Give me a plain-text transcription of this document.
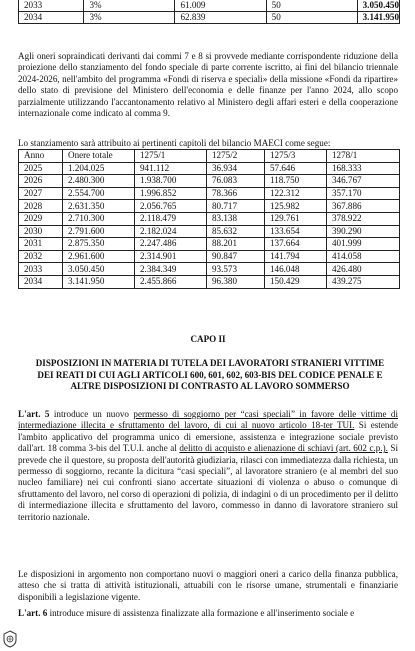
2033	3%	61.009	50	3.050.450
2034	3%	62.839	50	3.141.950
Agli oneri sopraindicati derivanti dai commi 7 e 8 si provvede mediante corrispondente riduzione della proiezione dello stanziamento del fondo speciale di parte corrente iscritto, ai fini del bilancio triennale 2024-2026, nell'ambito del programma «Fondi di riserva e speciali» della missione «Fondi da ripartire» dello stato di previsione del Ministero dell'economia e delle finanze per l'anno 2024, allo scopo parzialmente utilizzando l'accantonamento relativo al Ministero degli affari esteri e della cooperazione internazionale come indicato al comma 9.
Lo stanziamento sarà attribuito ai pertinenti capitoli del bilancio MAECI come segue:
Anno	Onere totale	1275/1	1275/2	1275/3	1278/1
2025	1.204.025	941.112	36.934	57.646	168.333
2026	2.480.300	1.938.700	76.083	118.750	346.767
2027	2.554.700	1.996.852	78.366	122.312	357.170
2028	2.631.350	2.056.765	80.717	125.982	367.886
2029	2.710.300	2.118.479	83.138	129.761	378.922
2030	2.791.600	2.182.024	85.632	133.654	390.290
2031	2.875.350	2.247.486	88.201	137.664	401.999
2032	2.961.600	2.314.901	90.847	141.794	414.058
2033	3.050.450	2.384.349	93.573	146.048	426.480
2034	3.141.950	2.455.866	96.380	150.429	439.275
CAPO II
DISPOSIZIONI IN MATERIA DI TUTELA DEI LAVORATORI STRANIERI VITTIME DEI REATI DI CUI AGLI ARTICOLI 600, 601, 602, 603-BIS DEL CODICE PENALE E ALTRE DISPOSIZIONI DI CONTRASTO AL LAVORO SOMMERSO
L'art. 5 introduce un nuovo permesso di soggiorno per “casi speciali” in favore delle vittime di intermediazione illecita e sfruttamento del lavoro, di cui al nuovo articolo 18-ter TUI. Si estende l'ambito applicativo del programma unico di emersione, assistenza e integrazione sociale previsto dall'art. 18 comma 3-bis del T.U.I. anche al delitto di acquisto e alienazione di schiavi (art. 602 c.p.). Si prevede che il questore, su proposta dell'autorità giudiziaria, rilasci con immediatezza dalla richiesta, un permesso di soggiorno, recante la dicitura “casi speciali”, al lavoratore straniero (e al membri del suo nucleo familiare) nei cui confronti siano accertate situazioni di violenza o abuso o comunque di sfruttamento del lavoro, nel corso di operazioni di polizia, di indagini o di un procedimento per il delitto di intermediazione illecita e sfruttamento del lavoro, commesso in danno di lavoratore straniero sul territorio nazionale.
Le disposizioni in argomento non comportano nuovi o maggiori oneri a carico della finanza pubblica, atteso che si tratta di attività istituzionali, attuabili con le risorse umane, strumentali e finanziarie disponibili a legislazione vigente.
L'art. 6 introduce misure di assistenza finalizzate alla formazione e all'inserimento sociale e
